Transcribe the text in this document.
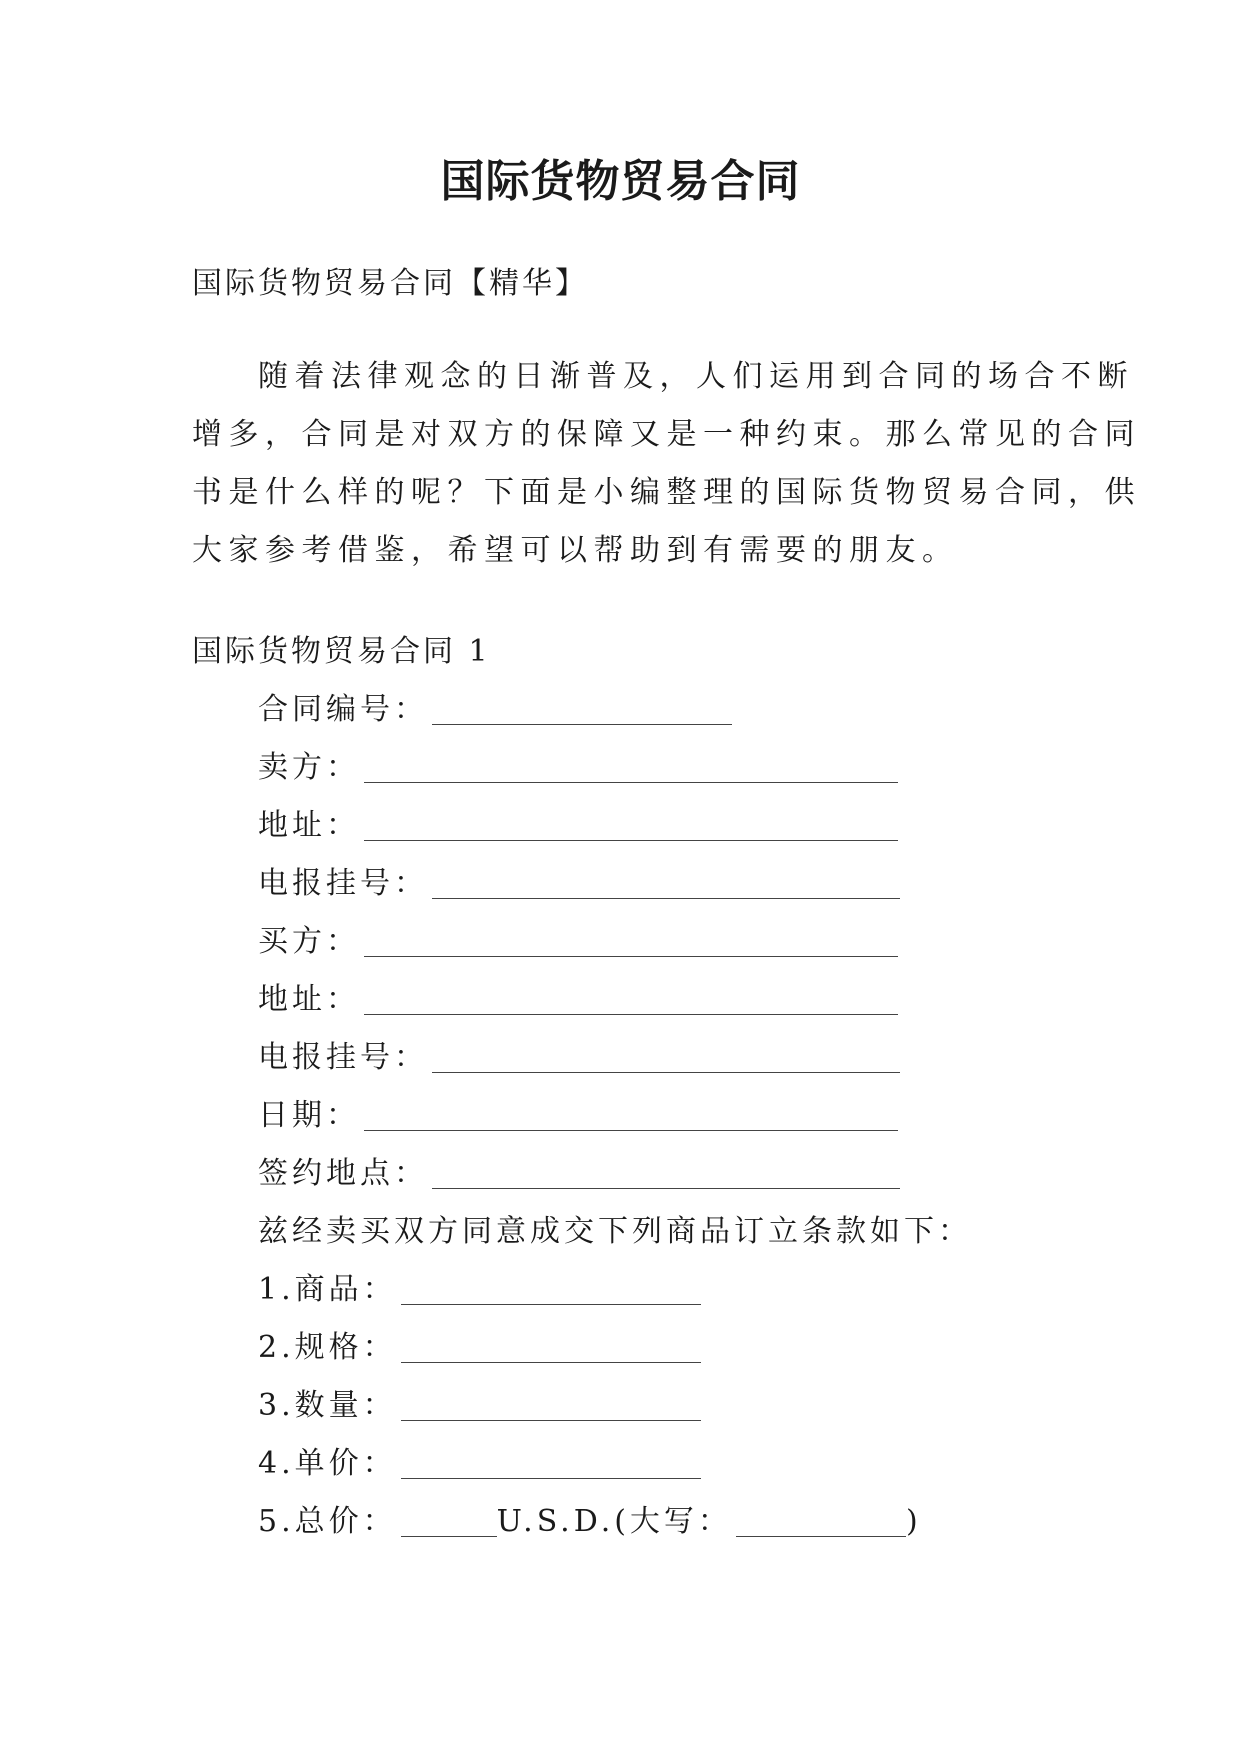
国际货物贸易合同

国际货物贸易合同【精华】

随着法律观念的日渐普及，人们运用到合同的场合不断
增多，合同是对双方的保障又是一种约束。那么常见的合同
书是什么样的呢？下面是小编整理的国际货物贸易合同，供
大家参考借鉴，希望可以帮助到有需要的朋友。

国际货物贸易合同 1

合同编号：

卖方：

地址：

电报挂号：

买方：

地址：

电报挂号：

日期：

签约地点：

兹经卖买双方同意成交下列商品订立条款如下：

1.商品：

2.规格：

3.数量：

4.单价：

5.总价：	U.S.D.(大写：	)
